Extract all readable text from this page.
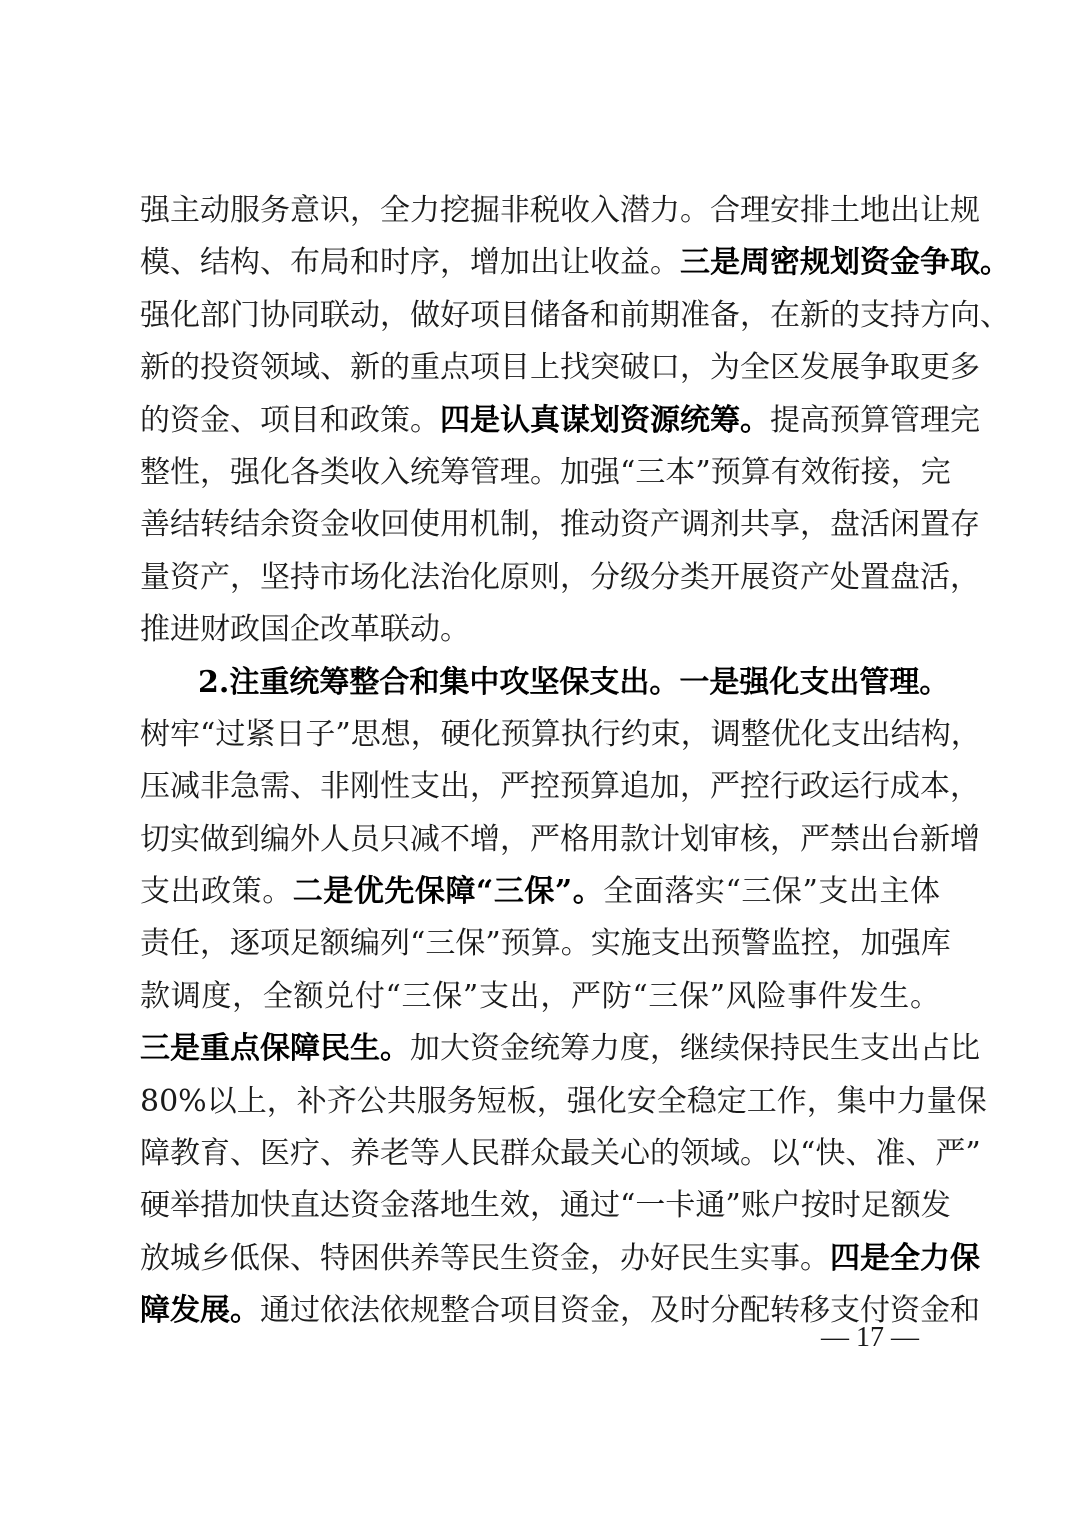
强 主 动 服 务 意 识 ， 全 力 挖 掘 非 税 收 入 潜 力 。 合 理 安 排 土 地 出 让 规
模 、 结 构 、 布 局 和 时 序 ， 增 加 出 让 收 益 。 三 是 周 密 规 划 资 金 争 取 。
强 化 部 门 协 同 联 动 ， 做 好 项 目 储 备 和 前 期 准 备 ， 在 新 的 支 持 方 向 、
新 的 投 资 领 域 、 新 的 重 点 项 目 上 找 突 破 口 ， 为 全 区 发 展 争 取 更 多
的 资 金 、 项 目 和 政 策 。 四 是 认 真 谋 划 资 源 统 筹 。 提 高 预 算 管 理 完
整 性 ， 强 化 各 类 收 入 统 筹 管 理 。 加 强 “ 三 本 ” 预 算 有 效 衔 接 ， 完
善 结 转 结 余 资 金 收 回 使 用 机 制 ， 推 动 资 产 调 剂 共 享 ， 盘 活 闲 置 存
量 资 产 ， 坚 持 市 场 化 法 治 化 原 则 ， 分 级 分 类 开 展 资 产 处 置 盘 活 ，
推 进 财 政 国 企 改 革 联 动 。
2. 注 重 统 筹 整 合 和 集 中 攻 坚 保 支 出 。 一 是 强 化 支 出 管 理 。
树 牢 “ 过 紧 日 子 ” 思 想 ， 硬 化 预 算 执 行 约 束 ， 调 整 优 化 支 出 结 构 ，
压 减 非 急 需 、 非 刚 性 支 出 ， 严 控 预 算 追 加 ， 严 控 行 政 运 行 成 本 ，
切 实 做 到 编 外 人 员 只 减 不 增 ， 严 格 用 款 计 划 审 核 ， 严 禁 出 台 新 增
支 出 政 策 。 二 是 优 先 保 障 “ 三 保 ” 。 全 面 落 实 “ 三 保 ” 支 出 主 体
责 任 ， 逐 项 足 额 编 列 “ 三 保 ” 预 算 。 实 施 支 出 预 警 监 控 ， 加 强 库
款 调 度 ， 全 额 兑 付 “ 三 保 ” 支 出 ， 严 防 “ 三 保 ” 风 险 事 件 发 生 。
三 是 重 点 保 障 民 生 。 加 大 资 金 统 筹 力 度 ， 继 续 保 持 民 生 支 出 占 比
80% 以 上 ， 补 齐 公 共 服 务 短 板 ， 强 化 安 全 稳 定 工 作 ， 集 中 力 量 保
障 教 育 、 医 疗 、 养 老 等 人 民 群 众 最 关 心 的 领 域 。 以 “ 快 、 准 、 严 ”
硬 举 措 加 快 直 达 资 金 落 地 生 效 ， 通 过 “ 一 卡 通 ” 账 户 按 时 足 额 发
放 城 乡 低 保 、 特 困 供 养 等 民 生 资 金 ， 办 好 民 生 实 事 。 四 是 全 力 保
障 发 展 。 通 过 依 法 依 规 整 合 项 目 资 金 ， 及 时 分 配 转 移 支 付 资 金 和
— 17 —
